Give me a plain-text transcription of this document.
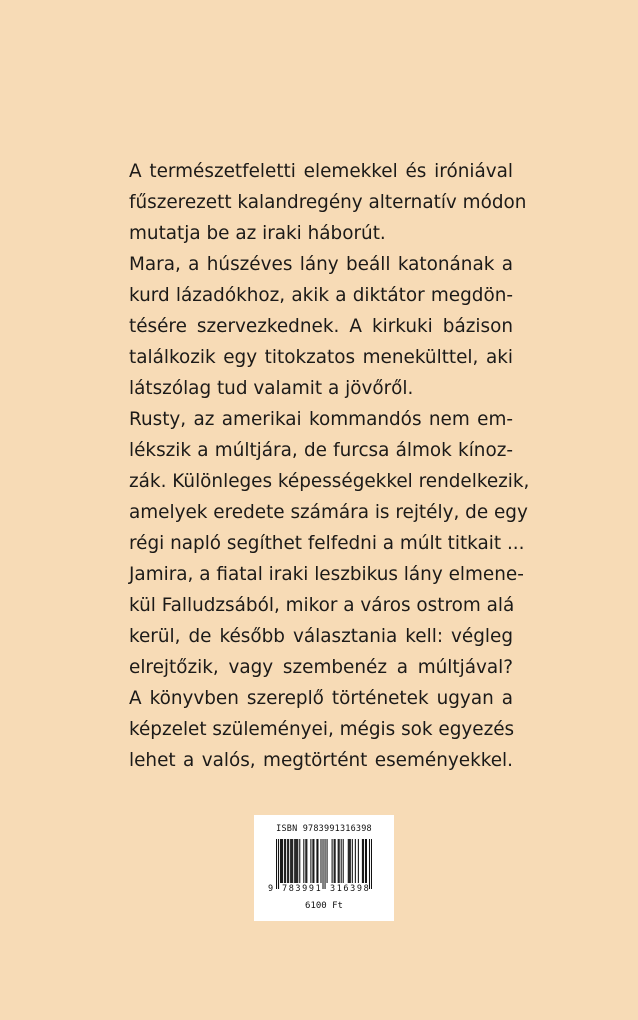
A természetfeletti elemekkel és iróniával
fűszerezett kalandregény alternatív módon
mutatja be az iraki háborút.
Mara, a húszéves lány beáll katonának a
kurd lázadókhoz, akik a diktátor megdön-
tésére szervezkednek. A kirkuki bázison
találkozik egy titokzatos menekülttel, aki
látszólag tud valamit a jövőről.
Rusty, az amerikai kommandós nem em-
lékszik a múltjára, de furcsa álmok kínoz-
zák. Különleges képességekkel rendelkezik,
amelyek eredete számára is rejtély, de egy
régi napló segíthet felfedni a múlt titkait ...
Jamira, a fiatal iraki leszbikus lány elmene-
kül Falludzsából, mikor a város ostrom alá
kerül, de később választania kell: végleg
elrejtőzik, vagy szembenéz a múltjával?
A könyvben szereplő történetek ugyan a
képzelet szüleményei, mégis sok egyezés
lehet a valós, megtörtént eseményekkel.
ISBN 9783991316398
9 783991 316398
6100 Ft
